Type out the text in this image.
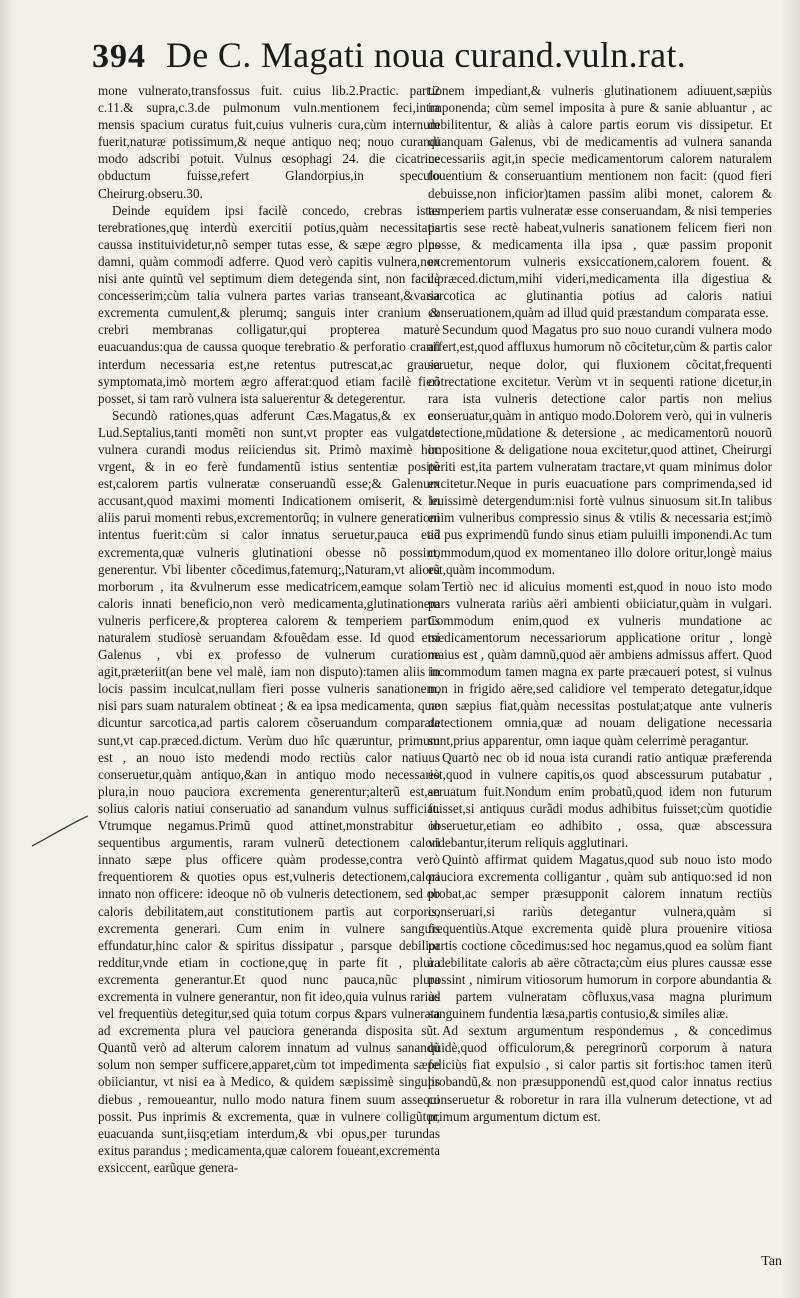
394 De C. Magati noua curand.vuln.rat.

mone vulnerato,transfossus fuit. cuius lib.2.Practic. part.2 c.11.& supra,c.3.de pulmonum vuln.mentionem feci,intra mensis spacium curatus fuit,cuius vulneris cura,cùm internum fuerit,naturæ potissimum,& neque antiquo neq; nouo curandi modo adscribi potuit. Vulnus œsophagi 24. die cicatrice obductum fuisse,refert Glandorpius,in speculo Cheirurg.obseru.30.

Deinde equidem ipsi facilè concedo, crebras istas terebrationes,quę interdù exercitii potius,quàm necessitatis caussa instituividetur,nõ semper tutas esse, & sæpe ægro plus damni, quàm commodi adferre. Quod verò capitis vulnera,non nisi ante quintũ vel septimum diem detegenda sint, non facilè concesserim;cùm talia vulnera partes varias transeant,&varia excrementa cumulent,& plerumq; sanguis inter cranium & crebri membranas colligatur,qui propterea maturè euacuandus:qua de caussa quoque terebratio & perforatio cranii interdum necessaria est,ne retentus putrescat,ac grauia symptomata,imò mortem ægro afferat:quod etiam facilè fieri posset, si tam rarò vulnera ista saluerentur & detegerentur.

Secundò rationes,quas adferunt Cæs.Magatus,& ex eo Lud.Septalius,tanti momẽti non sunt,vt propter eas vulgatus vulnera curandi modus reiiciendus sit. Primò maximè hoc vrgent, & in eo ferè fundamentũ istius sententiæ positũ est,calorem partis vulneratæ conseruandũ esse;& Galenum accusant,quod maximi momenti Indicationem omiserit, & in aliis parui momenti rebus,excrementorũq; in vulnere generationi intentus fuerit:cùm si calor innatus seruetur,pauca etiã excrementa,quæ vulneris glutinationi obesse nõ possint, generentur. Vbi libenter cõcedimus,fatemurq;,Naturam,vt aliorũ morborum , ita &vulnerum esse medicatricem,eamque solam caloris innati beneficio,non verò medicamenta,glutinationem vulneris perficere,& propterea calorem & temperiem partis naturalem studiosè seruandam &fouẽdam esse. Id quod etsi Galenus , vbi ex professo de vulnerum curatione agit,præteriit(an bene vel malè, iam non disputo):tamen aliis in locis passim inculcat,nullam fieri posse vulneris sanationem, nisi pars suam naturalem obtineat ; & ea ipsa medicamenta, quæ dicuntur sarcotica,ad partis calorem cõseruandum comparata sunt,vt cap.præced.dictum. Verùm duo hîc quæruntur, primum est , an nouo isto medendi modo rectiùs calor natiuus conseruetur,quàm antiquo,&an in antiquo modo necessariò plura,in nouo pauciora excrementa generentur;alterũ est,an solius caloris natiui conseruatio ad sanandum vulnus sufficiat. Vtrumque negamus.Primũ quod attinet,monstrabitur in sequentibus argumentis, raram vulnerũ detectionem calori innato sæpe plus officere quàm prodesse,contra verò frequentiorem & quoties opus est,vulneris detectionem,calori innato non officere: ideoque nõ ob vulneris detectionem, sed ob caloris debilitatem,aut constitutionem partis aut corporis, excrementa generari. Cum enim in vulnere sanguis effundatur,hinc calor & spiritus dissipatur , parsque debilior redditur,vnde etiam in coctione,quę in parte fit , plura excrementa generantur.Et quod nunc pauca,nũc plura excrementa in vulnere generantur, non fit ideo,quia vulnus rariùs vel frequentiùs detegitur,sed quia totum corpus &pars vulnerata ad excrementa plura vel pauciora generanda disposita sũt. Quantũ verò ad alterum calorem innatum ad vulnus sanandũ solum non semper sufficere,apparet,cùm tot impedimenta sæpe obiiciantur, vt nisi ea à Medico, & quidem sæpissimè singulis diebus , remoueantur, nullo modo natura finem suum assequi possit. Pus inprimis & excrementa, quæ in vulnere colligũtur, euacuanda sunt,iisq;etiam interdum,& vbi opus,per turundas exitus parandus ; medicamenta,quæ calorem foueant,excrementa exsiccent, earũque genera-

tionem impediant,& vulneris glutinationem adiuuent,sæpiùs imponenda; cùm semel imposita à pure & sanie abluantur , ac debilitentur, & aliàs à calore partis eorum vis dissipetur. Et quanquam Galenus, vbi de medicamentis ad vulnera sananda necessariis agit,in specie medicamentorum calorem naturalem fouentium & conseruantium mentionem non facit: (quod fieri debuisse,non inficior)tamen passim alibi monet, calorem & temperiem partis vulneratæ esse conseruandam, & nisi temperies partis sese rectè habeat,vulneris sanationem felicem fieri non posse, & medicamenta illa ipsa , quæ passim proponit excrementorum vulneris exsiccationem,calorem fouent. & c.præced.dictum,mihi videri,medicamenta illa digestiua & sarcotica ac glutinantia potius ad caloris natiui conseruationem,quàm ad illud quid præstandum comparata esse.

Secundum quod Magatus pro suo nouo curandi vulnera modo affert,est,quod affluxus humorum nõ cõcitetur,cùm & partis calor seruetur, neque dolor, qui fluxionem cõcitat,frequenti cõtrectatione excitetur. Verùm vt in sequenti ratione dicetur,in rara ista vulneris detectione calor partis non melius conseruatur,quàm in antiquo modo.Dolorem verò, qui in vulneris detectione,mũdatione & detersione , ac medicamentorũ nouorũ impositione & deligatione noua excitetur,quod attinet, Cheirurgi periti est,ita partem vulneratam tractare,vt quam minimus dolor excitetur.Neque in puris euacuatione pars comprimenda,sed id leuissimè detergendum:nisi fortè vulnus sinuosum sit.In talibus enim vulneribus compressio sinus & vtilis & necessaria est;imò ad pus exprimendũ fundo sinus etiam puluilli imponendi.Ac tum commodum,quod ex momentaneo illo dolore oritur,longè maius est,quàm incommodum.

Tertiò nec id alicuius momenti est,quod in nouo isto modo pars vulnerata rariùs aëri ambienti obiiciatur,quàm in vulgari. Commodum enim,quod ex vulneris mundatione ac medicamentorum necessariorum applicatione oritur , longè maius est , quàm damnũ,quod aër ambiens admissus affert. Quod incommodum tamen magna ex parte præcaueri potest, si vulnus non in frigido aëre,sed calidiore vel temperato detegatur,idque non sæpius fiat,quàm necessitas postulat;atque ante vulneris detectionem omnia,quæ ad nouam deligatione necessaria sunt,prius apparentur, omn iaque quàm celerrimè peragantur.

Quartò nec ob id noua ista curandi ratio antiquæ præferenda est,quod in vulnere capitis,os quod abscessurum putabatur , seruatum fuit.Nondum enim probatũ,quod idem non futurum fuisset,si antiquus curãdi modus adhibitus fuisset;cùm quotidie obseruetur,etiam eo adhibito , ossa, quæ abscessura videbantur,iterum reliquis agglutinari.

Quintò affirmat quidem Magatus,quod sub nouo isto modo pauciora excrementa colligantur , quàm sub antiquo:sed id non probat,ac semper præsupponit calorem innatum rectiùs conseruari,si rariùs detegantur vulnera,quàm si frequentiùs.Atque excrementa quidè plura prouenire vitiosa partis coctione cõcedimus:sed hoc negamus,quod ea solùm fiant à debilitate caloris ab aëre cõtracta;cùm eius plures caussæ esse possint , nimirum vitiosorum humorum in corpore abundantia & ad partem vulneratam cõfluxus,vasa magna plurimum sanguinem fundentia læsa,partis contusio,& similes aliæ.

Ad sextum argumentum respondemus , & concedimus quidè,quod officulorum,& peregrinorũ corporum à natura feliciùs fiat expulsio , si calor partis sit fortis:hoc tamen iterũ probandũ,& non præsupponendũ est,quod calor innatus rectius conseruetur & roboretur in rara illa vulnerum detectione, vt ad primum argumentum dictum est.

Tan
